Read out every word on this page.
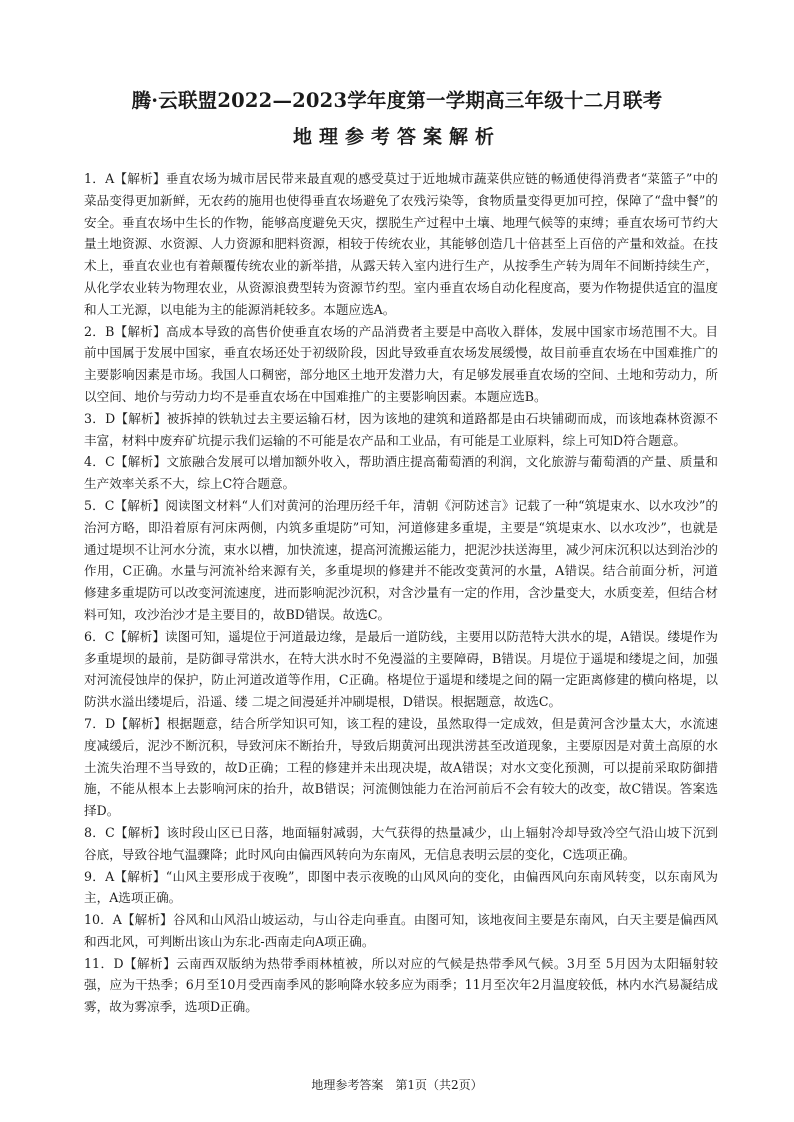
腾·云联盟2022—2023学年度第一学期高三年级十二月联考
地理参考答案解析
1．A【解析】垂直农场为城市居民带来最直观的感受莫过于近地城市蔬菜供应链的畅通使得消费者“菜篮子”中的菜品变得更加新鲜，无农药的施用也使得垂直农场避免了农残污染等，食物质量变得更加可控，保障了“盘中餐”的安全。垂直农场中生长的作物，能够高度避免天灾，摆脱生产过程中土壤、地理气候等的束缚；垂直农场可节约大量土地资源、水资源、人力资源和肥料资源，相较于传统农业，其能够创造几十倍甚至上百倍的产量和效益。在技术上，垂直农业也有着颠覆传统农业的新举措，从露天转入室内进行生产，从按季生产转为周年不间断持续生产，从化学农业转为物理农业，从资源浪费型转为资源节约型。室内垂直农场自动化程度高，要为作物提供适宜的温度和人工光源，以电能为主的能源消耗较多。本题应选A。
2．B【解析】高成本导致的高售价使垂直农场的产品消费者主要是中高收入群体，发展中国家市场范围不大。目前中国属于发展中国家，垂直农场还处于初级阶段，因此导致垂直农场发展缓慢，故目前垂直农场在中国难推广的主要影响因素是市场。我国人口稠密，部分地区土地开发潜力大，有足够发展垂直农场的空间、土地和劳动力，所以空间、地价与劳动力均不是垂直农场在中国难推广的主要影响因素。本题应选B。
3．D【解析】被拆掉的铁轨过去主要运输石材，因为该地的建筑和道路都是由石块铺砌而成，而该地森林资源不丰富，材料中废弃矿坑提示我们运输的不可能是农产品和工业品，有可能是工业原料，综上可知D符合题意。
4．C【解析】文旅融合发展可以增加额外收入，帮助酒庄提高葡萄酒的利润，文化旅游与葡萄酒的产量、质量和生产效率关系不大，综上C符合题意。
5．C【解析】阅读图文材料“人们对黄河的治理历经千年，清朝《河防述言》记载了一种“筑堤束水、以水攻沙”的治河方略，即沿着原有河床两侧，内筑多重堤防”可知，河道修建多重堤，主要是“筑堤束水、以水攻沙”，也就是通过堤坝不让河水分流，束水以槽，加快流速，提高河流搬运能力，把泥沙扶送海里，减少河床沉积以达到治沙的作用，C正确。水量与河流补给来源有关，多重堤坝的修建并不能改变黄河的水量，A错误。结合前面分析，河道修建多重堤防可以改变河流速度，进而影响泥沙沉积，对含沙量有一定的作用，含沙量变大，水质变差，但结合材料可知，攻沙治沙才是主要目的，故BD错误。故选C。
6．C【解析】读图可知，遥堤位于河道最边缘，是最后一道防线，主要用以防范特大洪水的堤，A错误。缕堤作为多重堤坝的最前，是防御寻常洪水，在特大洪水时不免漫溢的主要障碍，B错误。月堤位于遥堤和缕堤之间，加强对河流侵蚀岸的保护，防止河道改道等作用，C正确。格堤位于遥堤和缕堤之间的隔一定距离修建的横向格堤，以防洪水溢出缕堤后，沿遥、缕 二堤之间漫延并冲刷堤根，D错误。根据题意，故选C。
7．D【解析】根据题意，结合所学知识可知，该工程的建设，虽然取得一定成效，但是黄河含沙量太大，水流速度减缓后，泥沙不断沉积，导致河床不断抬升，导致后期黄河出现洪涝甚至改道现象，主要原因是对黄土高原的水土流失治理不当导致的，故D正确；工程的修建并未出现决堤，故A错误；对水文变化预测，可以提前采取防御措施，不能从根本上去影响河床的抬升，故B错误；河流侧蚀能力在治河前后不会有较大的改变，故C错误。答案选择D。
8．C【解析】该时段山区已日落，地面辐射减弱，大气获得的热量减少，山上辐射冷却导致冷空气沿山坡下沉到谷底，导致谷地气温骤降；此时风向由偏西风转向为东南风，无信息表明云层的变化，C选项正确。
9．A【解析】“山风主要形成于夜晚”，即图中表示夜晚的山风风向的变化，由偏西风向东南风转变，以东南风为主，A选项正确。
10．A【解析】谷风和山风沿山坡运动，与山谷走向垂直。由图可知，该地夜间主要是东南风，白天主要是偏西风和西北风，可判断出该山为东北-西南走向A项正确。
11．D【解析】云南西双版纳为热带季雨林植被，所以对应的气候是热带季风气候。3月至 5月因为太阳辐射较强，应为干热季；6月至10月受西南季风的影响降水较多应为雨季；11月至次年2月温度较低，林内水汽易凝结成雾，故为雾凉季，选项D正确。
地理参考答案　第1页（共2页）
